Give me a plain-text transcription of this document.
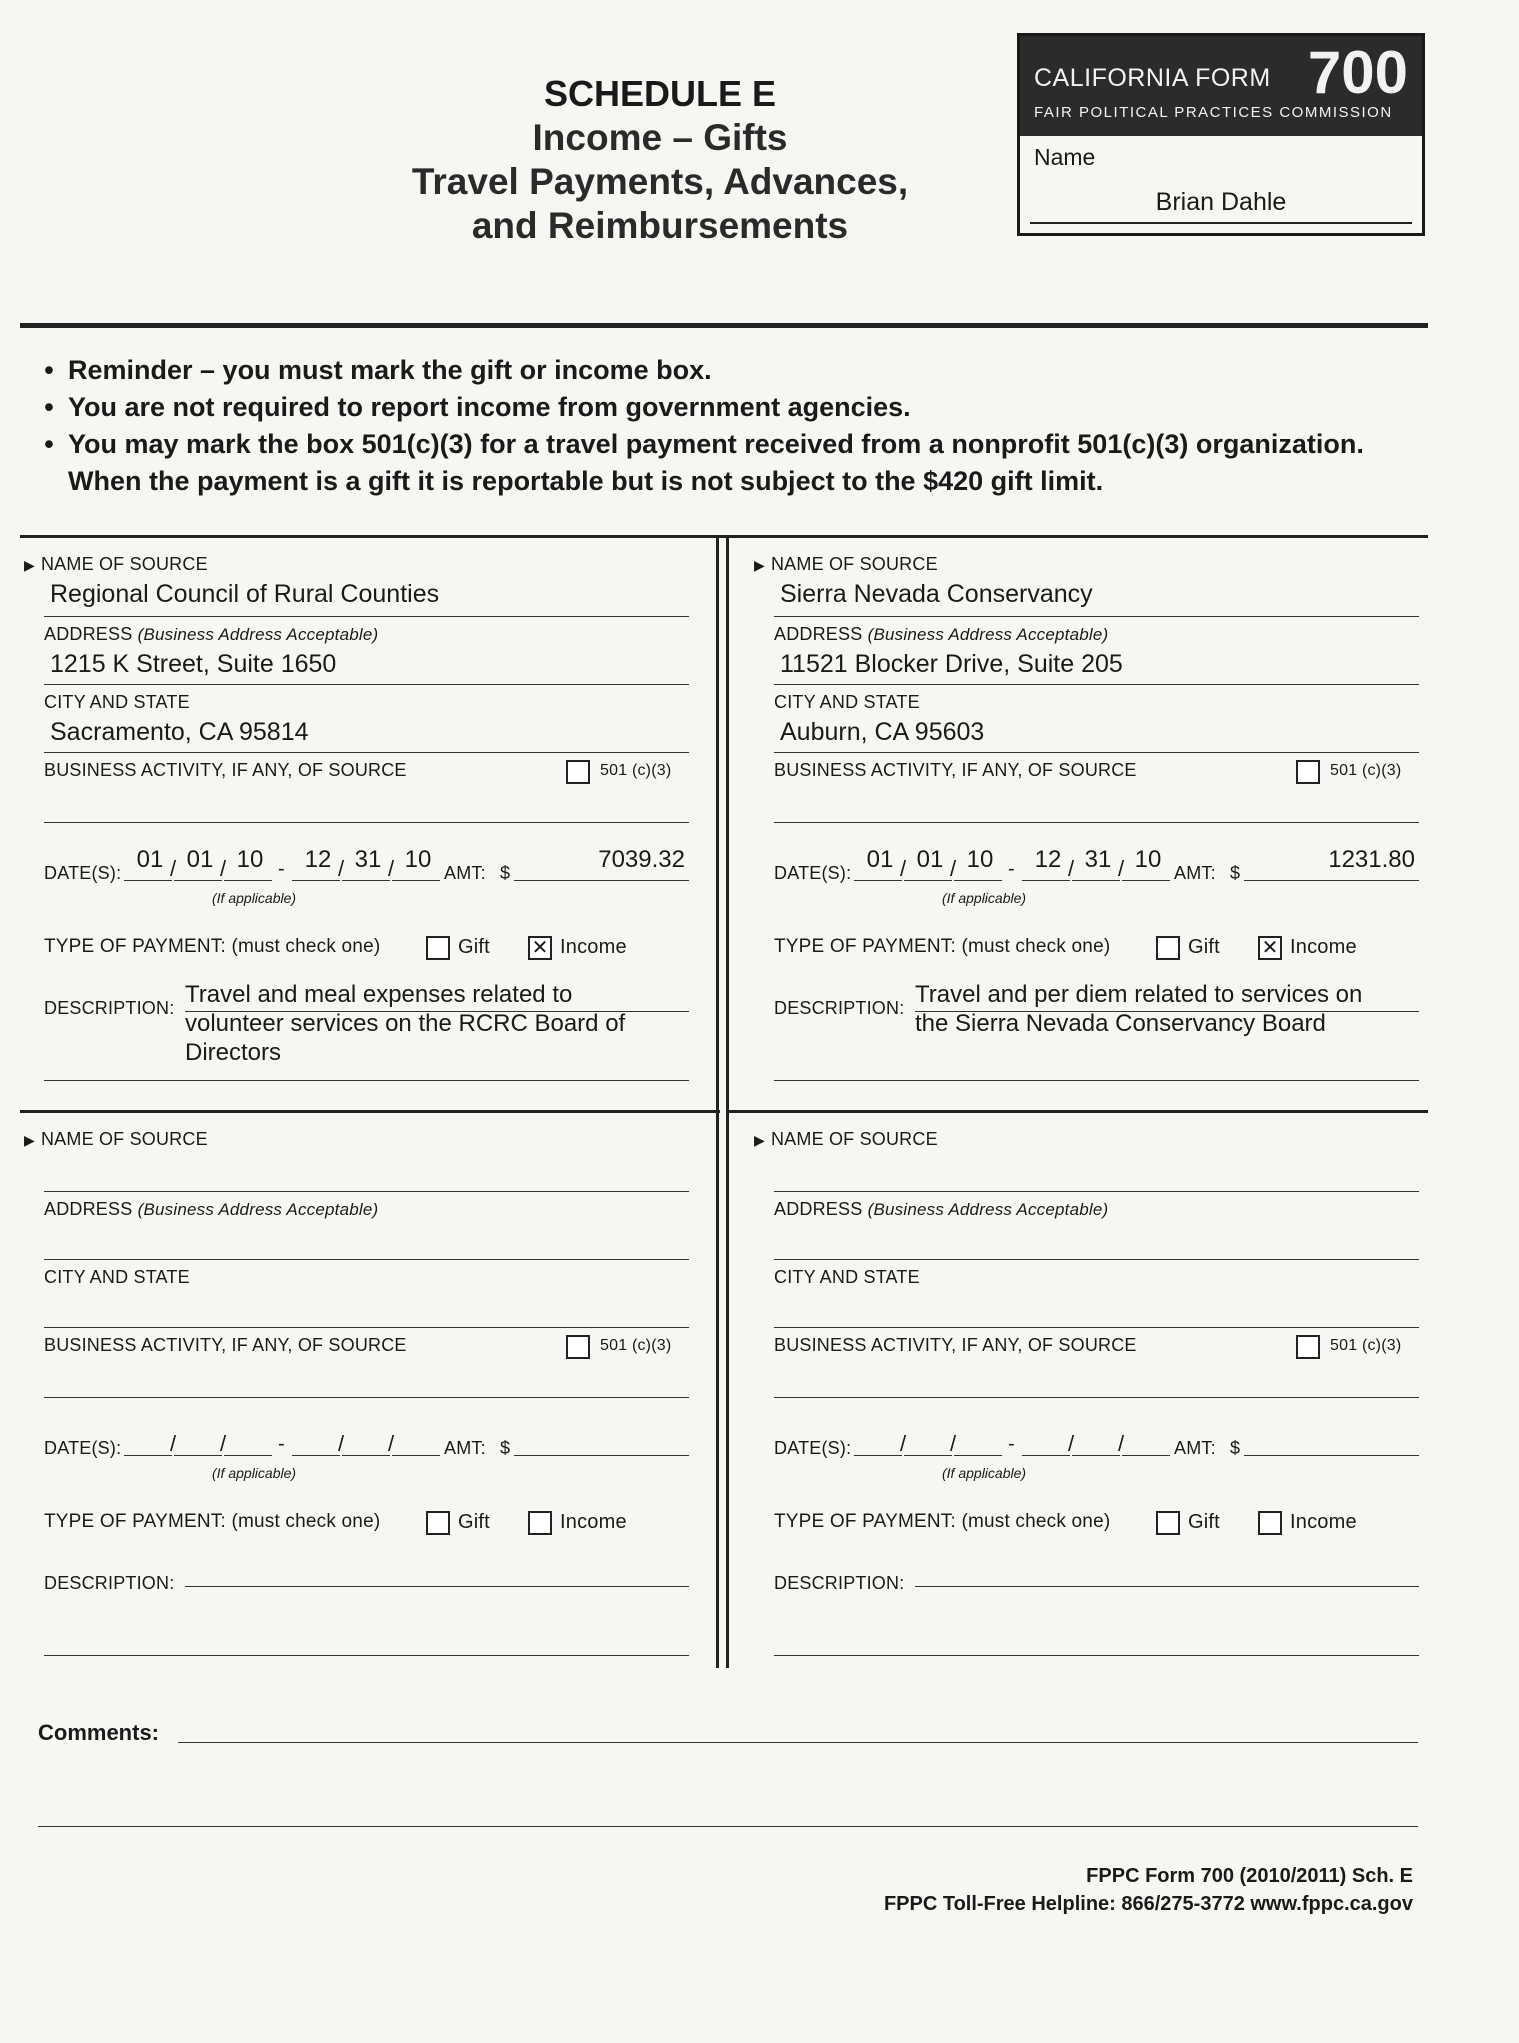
SCHEDULE E
Income – Gifts
Travel Payments, Advances,
and Reimbursements
CALIFORNIA FORM 700
FAIR POLITICAL PRACTICES COMMISSION
Name
Brian Dahle
• Reminder – you must mark the gift or income box.
• You are not required to report income from government agencies.
• You may mark the box 501(c)(3) for a travel payment received from a nonprofit 501(c)(3) organization. When the payment is a gift it is reportable but is not subject to the $420 gift limit.
▶ NAME OF SOURCE
Regional Council of Rural Counties
ADDRESS (Business Address Acceptable)
1215 K Street, Suite 1650
CITY AND STATE
Sacramento, CA 95814
BUSINESS ACTIVITY, IF ANY, OF SOURCE	501 (c)(3)
DATE(S): 01 01 10 12 31 10
/ /	/ /
-
(If applicable)
AMT: $	7039.32
TYPE OF PAYMENT: (must check one)	Gift ✕ Income
DESCRIPTION: Travel and meal expenses related to
volunteer services on the RCRC Board of
Directors
▶ NAME OF SOURCE
Sierra Nevada Conservancy
ADDRESS (Business Address Acceptable)
11521 Blocker Drive, Suite 205
CITY AND STATE
Auburn, CA 95603
BUSINESS ACTIVITY, IF ANY, OF SOURCE	501 (c)(3)
DATE(S): 01 01 10 12 31 10
/ /	/ /
-
(If applicable)
AMT: $	1231.80
TYPE OF PAYMENT: (must check one)	Gift ✕ Income
DESCRIPTION: Travel and per diem related to services on
the Sierra Nevada Conservancy Board
▶ NAME OF SOURCE
ADDRESS (Business Address Acceptable)
CITY AND STATE
BUSINESS ACTIVITY, IF ANY, OF SOURCE	501 (c)(3)
DATE(S): / /	/ /
-
(If applicable)
AMT: $
TYPE OF PAYMENT: (must check one)	Gift	Income
DESCRIPTION:
▶ NAME OF SOURCE
ADDRESS (Business Address Acceptable)
CITY AND STATE
BUSINESS ACTIVITY, IF ANY, OF SOURCE	501 (c)(3)
DATE(S): / /	/ /
-
(If applicable)
AMT: $
TYPE OF PAYMENT: (must check one)	Gift	Income
DESCRIPTION:
Comments:
FPPC Form 700 (2010/2011) Sch. E
FPPC Toll-Free Helpline: 866/275-3772 www.fppc.ca.gov
